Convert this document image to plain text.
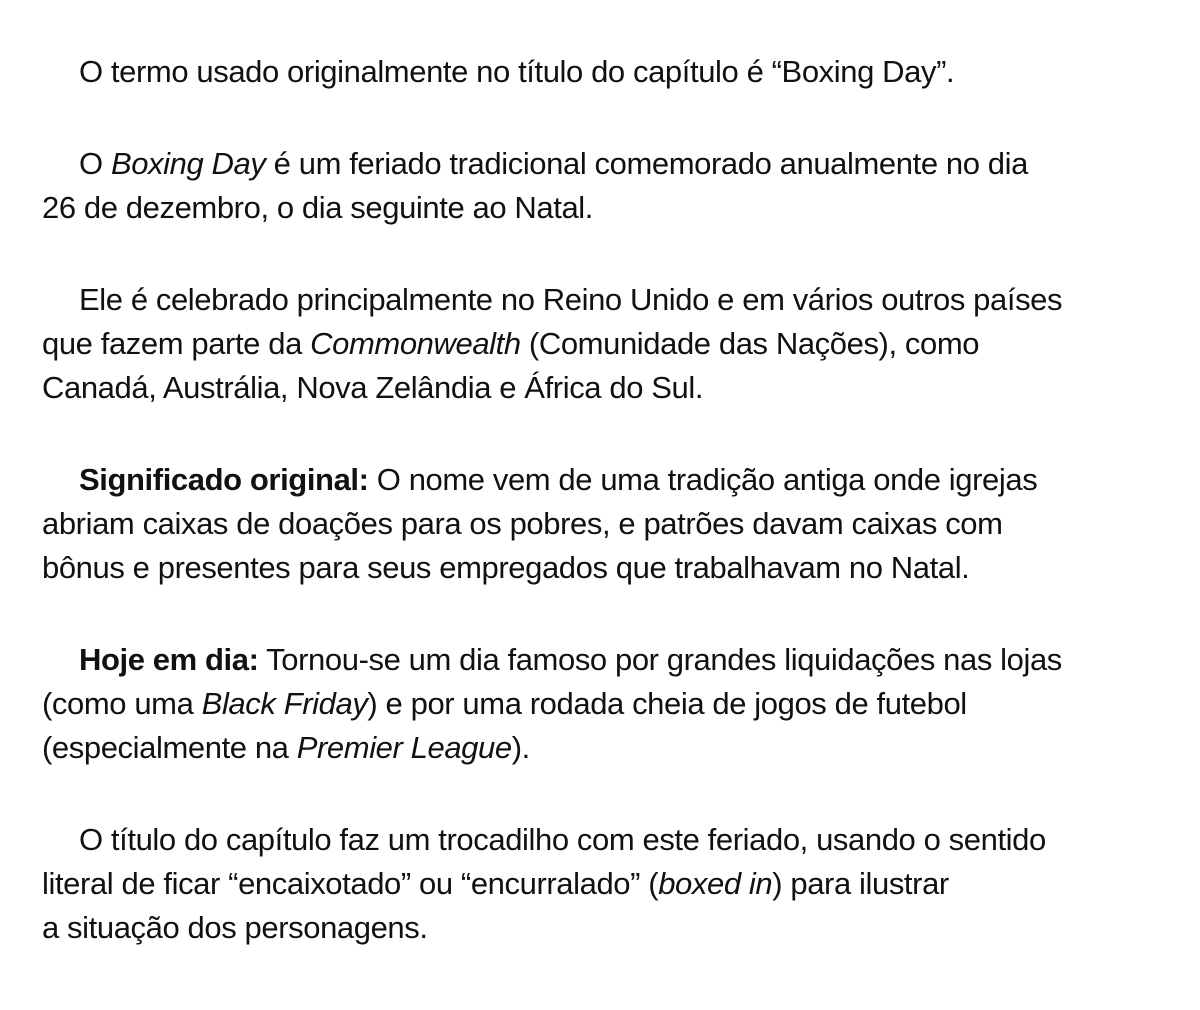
O termo usado originalmente no título do capítulo é “Boxing Day”.
O Boxing Day é um feriado tradicional comemorado anualmente no dia
26 de dezembro, o dia seguinte ao Natal.
Ele é celebrado principalmente no Reino Unido e em vários outros países
que fazem parte da Commonwealth (Comunidade das Nações), como
Canadá, Austrália, Nova Zelândia e África do Sul.
Significado original: O nome vem de uma tradição antiga onde igrejas
abriam caixas de doações para os pobres, e patrões davam caixas com
bônus e presentes para seus empregados que trabalhavam no Natal.
Hoje em dia: Tornou-se um dia famoso por grandes liquidações nas lojas
(como uma Black Friday) e por uma rodada cheia de jogos de futebol
(especialmente na Premier League).
O título do capítulo faz um trocadilho com este feriado, usando o sentido
literal de ficar “encaixotado” ou “encurralado” (boxed in) para ilustrar
a situação dos personagens.
